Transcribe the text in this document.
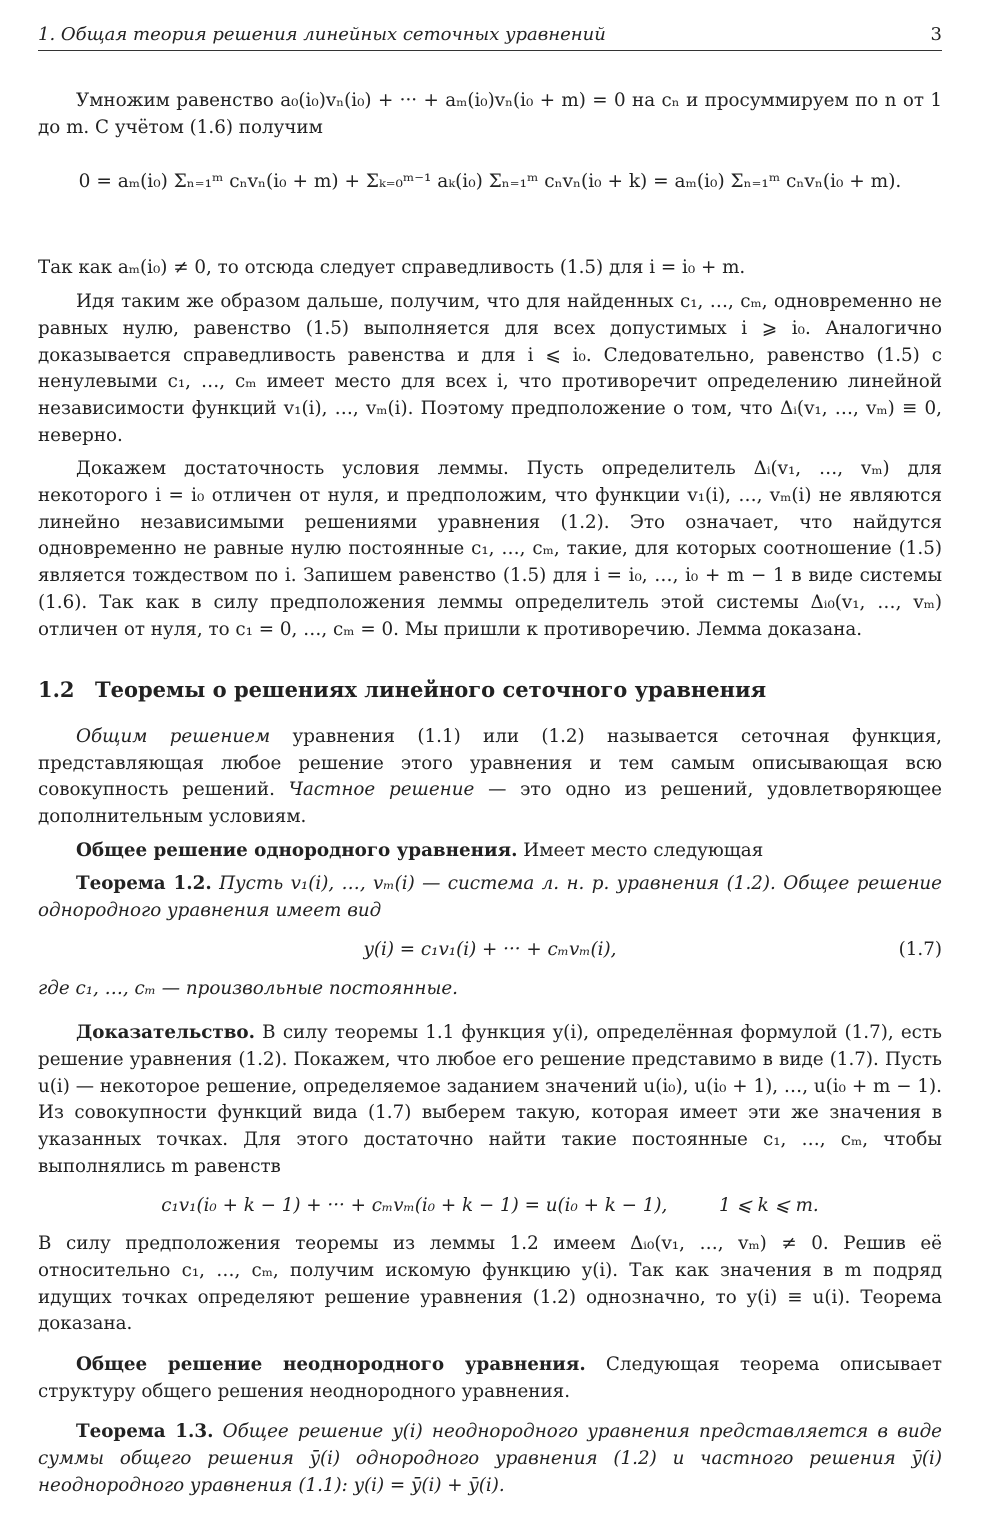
1. Общая теория решения линейных сеточных уравнений	3

Умножим равенство a₀(i₀)vₙ(i₀) + ··· + aₘ(i₀)vₙ(i₀ + m) = 0 на cₙ и просуммируем по n от 1 до m. С учётом (1.6) получим

0 = aₘ(i₀) Σₙ₌₁ᵐ cₙvₙ(i₀ + m) + Σₖ₌₀ᵐ⁻¹ aₖ(i₀) Σₙ₌₁ᵐ cₙvₙ(i₀ + k) = aₘ(i₀) Σₙ₌₁ᵐ cₙvₙ(i₀ + m).

Так как aₘ(i₀) ≠ 0, то отсюда следует справедливость (1.5) для i = i₀ + m.

Идя таким же образом дальше, получим, что для найденных c₁, …, cₘ, одновременно не равных нулю, равенство (1.5) выполняется для всех допустимых i ⩾ i₀. Аналогично доказывается справедливость равенства и для i ⩽ i₀. Следовательно, равенство (1.5) с ненулевыми c₁, …, cₘ имеет место для всех i, что противоречит определению линейной независимости функций v₁(i), …, vₘ(i). Поэтому предположение о том, что Δᵢ(v₁, …, vₘ) ≡ 0, неверно.

Докажем достаточность условия леммы. Пусть определитель Δᵢ(v₁, …, vₘ) для некоторого i = i₀ отличен от нуля, и предположим, что функции v₁(i), …, vₘ(i) не являются линейно независимыми решениями уравнения (1.2). Это означает, что найдутся одновременно не равные нулю постоянные c₁, …, cₘ, такие, для которых соотношение (1.5) является тождеством по i. Запишем равенство (1.5) для i = i₀, …, i₀ + m − 1 в виде системы (1.6). Так как в силу предположения леммы определитель этой системы Δᵢ₀(v₁, …, vₘ) отличен от нуля, то c₁ = 0, …, cₘ = 0. Мы пришли к противоречию. Лемма доказана.

1.2 Теоремы о решениях линейного сеточного уравнения

Общим решением уравнения (1.1) или (1.2) называется сеточная функция, представляющая любое решение этого уравнения и тем самым описывающая всю совокупность решений. Частное решение — это одно из решений, удовлетворяющее дополнительным условиям.

Общее решение однородного уравнения. Имеет место следующая

Теорема 1.2. Пусть v₁(i), …, vₘ(i) — система л. н. р. уравнения (1.2). Общее решение однородного уравнения имеет вид

y(i) = c₁v₁(i) + ··· + cₘvₘ(i),	(1.7)

где c₁, …, cₘ — произвольные постоянные.

Доказательство. В силу теоремы 1.1 функция y(i), определённая формулой (1.7), есть решение уравнения (1.2). Покажем, что любое его решение представимо в виде (1.7). Пусть u(i) — некоторое решение, определяемое заданием значений u(i₀), u(i₀ + 1), …, u(i₀ + m − 1). Из совокупности функций вида (1.7) выберем такую, которая имеет эти же значения в указанных точках. Для этого достаточно найти такие постоянные c₁, …, cₘ, чтобы выполнялись m равенств

c₁v₁(i₀ + k − 1) + ··· + cₘvₘ(i₀ + k − 1) = u(i₀ + k − 1),	1 ⩽ k ⩽ m.

В силу предположения теоремы из леммы 1.2 имеем Δᵢ₀(v₁, …, vₘ) ≠ 0. Решив её относительно c₁, …, cₘ, получим искомую функцию y(i). Так как значения в m подряд идущих точках определяют решение уравнения (1.2) однозначно, то y(i) ≡ u(i). Теорема доказана.

Общее решение неоднородного уравнения. Следующая теорема описывает структуру общего решения неоднородного уравнения.

Теорема 1.3. Общее решение y(i) неоднородного уравнения представляется в виде суммы общего решения ȳ̄(i) однородного уравнения (1.2) и частного решения ȳ(i) неоднородного уравнения (1.1): y(i) = ȳ̄(i) + ȳ(i).
